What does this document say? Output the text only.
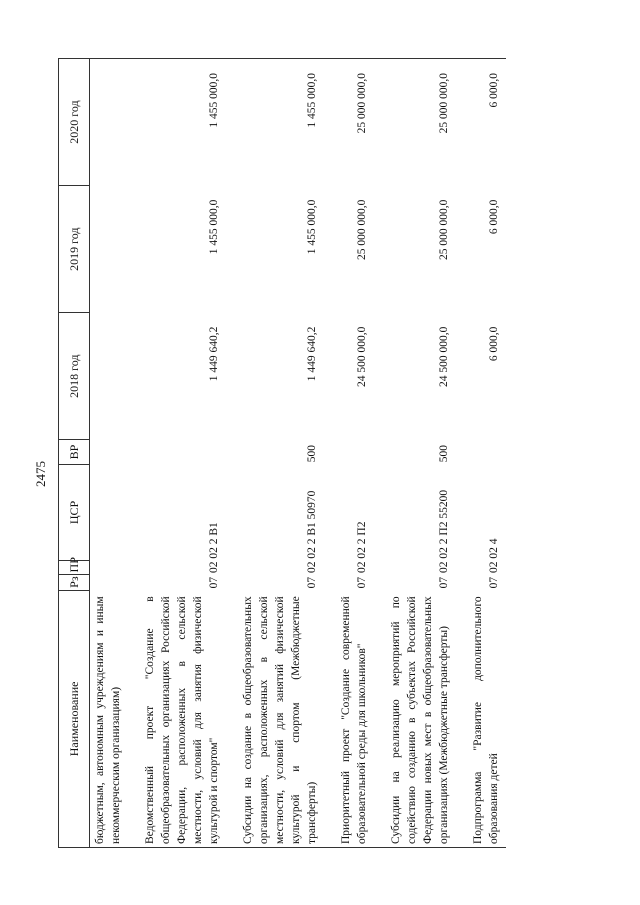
2475
Наименование	Рз	ПР	ЦСР	ВР	2018 год	2019 год	2020 год
бюджетным, автономным учреждениям и иным некоммерческим организациям)							
Ведомственный проект "Создание в общеобразовательных организациях Российской Федерации, расположенных в сельской местности, условий для занятия физической культурой и спортом"	07	02	02 2 В1		1 449 640,2	1 455 000,0	1 455 000,0
Субсидии на создание в общеобразовательных организациях, расположенных в сельской местности, условий для занятий физической культурой и спортом (Межбюджетные трансферты)	07	02	02 2 В1 50970	500	1 449 640,2	1 455 000,0	1 455 000,0
Приоритетный проект "Создание современной образовательной среды для школьников"	07	02	02 2 П2		24 500 000,0	25 000 000,0	25 000 000,0
Субсидии на реализацию мероприятий по содействию созданию в субъектах Российской Федерации новых мест в общеобразовательных организациях (Межбюджетные трансферты)	07	02	02 2 П2 55200	500	24 500 000,0	25 000 000,0	25 000 000,0
Подпрограмма "Развитие дополнительного образования детей	07	02	02 4		6 000,0	6 000,0	6 000,0
